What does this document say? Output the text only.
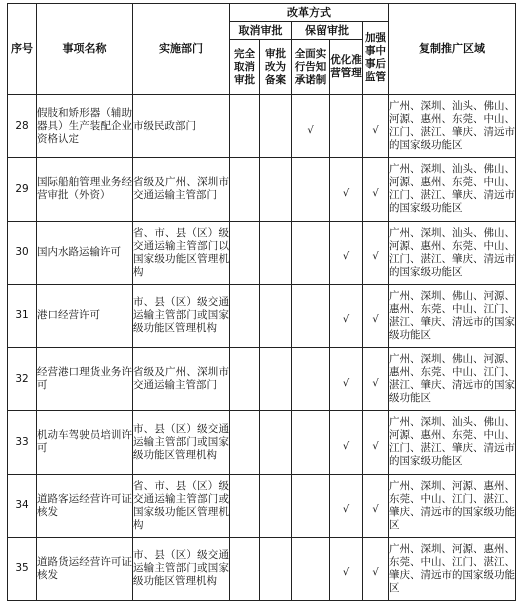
序号	事项名称	实施部门	改革方式					复制推广区域
			取消审批		保留审批		加强事中事后监管	
			完全取消审批	审批改为备案	全面实行告知承诺制	优化准营管理		
28	假肢和矫形器（辅助器具）生产装配企业资格认定	市级民政部门			√		√	广州、深圳、汕头、佛山、河源、惠州、东莞、中山、江门、湛江、肇庆、清远市的国家级功能区
29	国际船舶管理业务经营审批（外资）	省级及广州、深圳市交通运输主管部门				√	√	广州、深圳、汕头、佛山、河源、惠州、东莞、中山、江门、湛江、肇庆、清远市的国家级功能区
30	国内水路运输许可	省、市、县（区）级交通运输主管部门以国家级功能区管理机构				√	√	广州、深圳、汕头、佛山、河源、惠州、东莞、中山、江门、湛江、肇庆、清远市的国家级功能区
31	港口经营许可	市、县（区）级交通运输主管部门或国家级功能区管理机构				√	√	广州、深圳、佛山、河源、惠州、东莞、中山、江门、湛江、肇庆、清远市的国家级功能区
32	经营港口理货业务许可	省级及广州、深圳市交通运输主管部门				√	√	广州、深圳、佛山、河源、惠州、东莞、中山、江门、湛江、肇庆、清远市的国家级功能区
33	机动车驾驶员培训许可	市、县（区）级交通运输主管部门或国家级功能区管理机构				√	√	广州、深圳、汕头、佛山、河源、惠州、东莞、中山、江门、湛江、肇庆、清远市的国家级功能区
34	道路客运经营许可证核发	省、市、县（区）级交通运输主管部门或国家级功能区管理机构				√	√	广州、深圳、河源、惠州、东莞、中山、江门、湛江、肇庆、清远市的国家级功能区
35	道路货运经营许可证核发	市、县（区）级交通运输主管部门或国家级功能区管理机构				√	√	广州、深圳、河源、惠州、东莞、中山、江门、湛江、肇庆、清远市的国家级功能区
